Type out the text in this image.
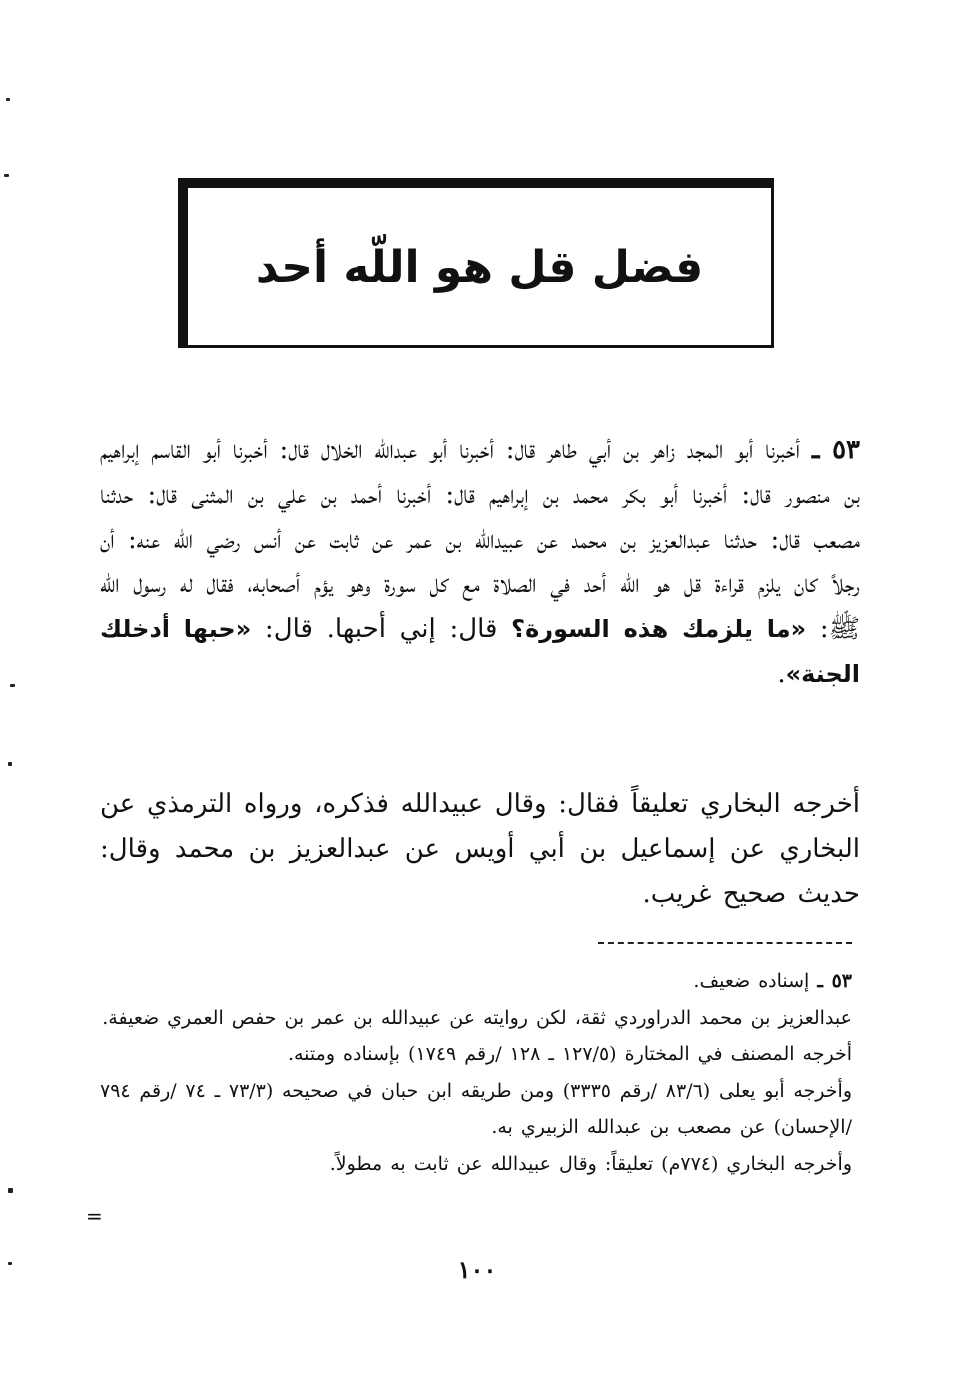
فضل قل هو اللّه أحد
٥٣ ـ أخبرنا أبو المجد زاهر بن أبي طاهر قال: أخبرنا أبو عبدالله الخلال قال: أخبرنا أبو القاسم إبراهيم بن منصور قال: أخبرنا أبو بكر محمد بن إبراهيم قال: أخبرنا أحمد بن علي بن المثنى قال: حدثنا مصعب قال: حدثنا عبدالعزيز بن محمد عن عبيدالله بن عمر عن ثابت عن أنس رضي الله عنه: أن رجلاً كان يلزم قراءة قل هو الله أحد في الصلاة مع كل سورة وهو يؤم أصحابه، فقال له رسول الله ﷺ: «ما يلزمك هذه السورة؟ قال: إني أحبها. قال: «حبها أدخلك الجنة».
أخرجه البخاري تعليقاً فقال: وقال عبيدالله فذكره، ورواه الترمذي عن البخاري عن إسماعيل بن أبي أويس عن عبدالعزيز بن محمد وقال: حديث صحيح غريب.

٥٣ ـ إسناده ضعيف.

عبدالعزيز بن محمد الدراوردي ثقة، لكن روايته عن عبيدالله بن عمر بن حفص العمري ضعيفة.

أخرجه المصنف في المختارة (١٢٧/٥ ـ ١٢٨ /رقم ١٧٤٩) بإسناده ومتنه.

وأخرجه أبو يعلى (٨٣/٦ /رقم ٣٣٣٥) ومن طريقه ابن حبان في صحيحه (٧٣/٣ ـ ٧٤ /رقم ٧٩٤ /الإحسان) عن مصعب بن عبدالله الزبيري به.

وأخرجه البخاري (٧٧٤م) تعليقاً: وقال عبيدالله عن ثابت به مطولاً.

=
١٠٠
